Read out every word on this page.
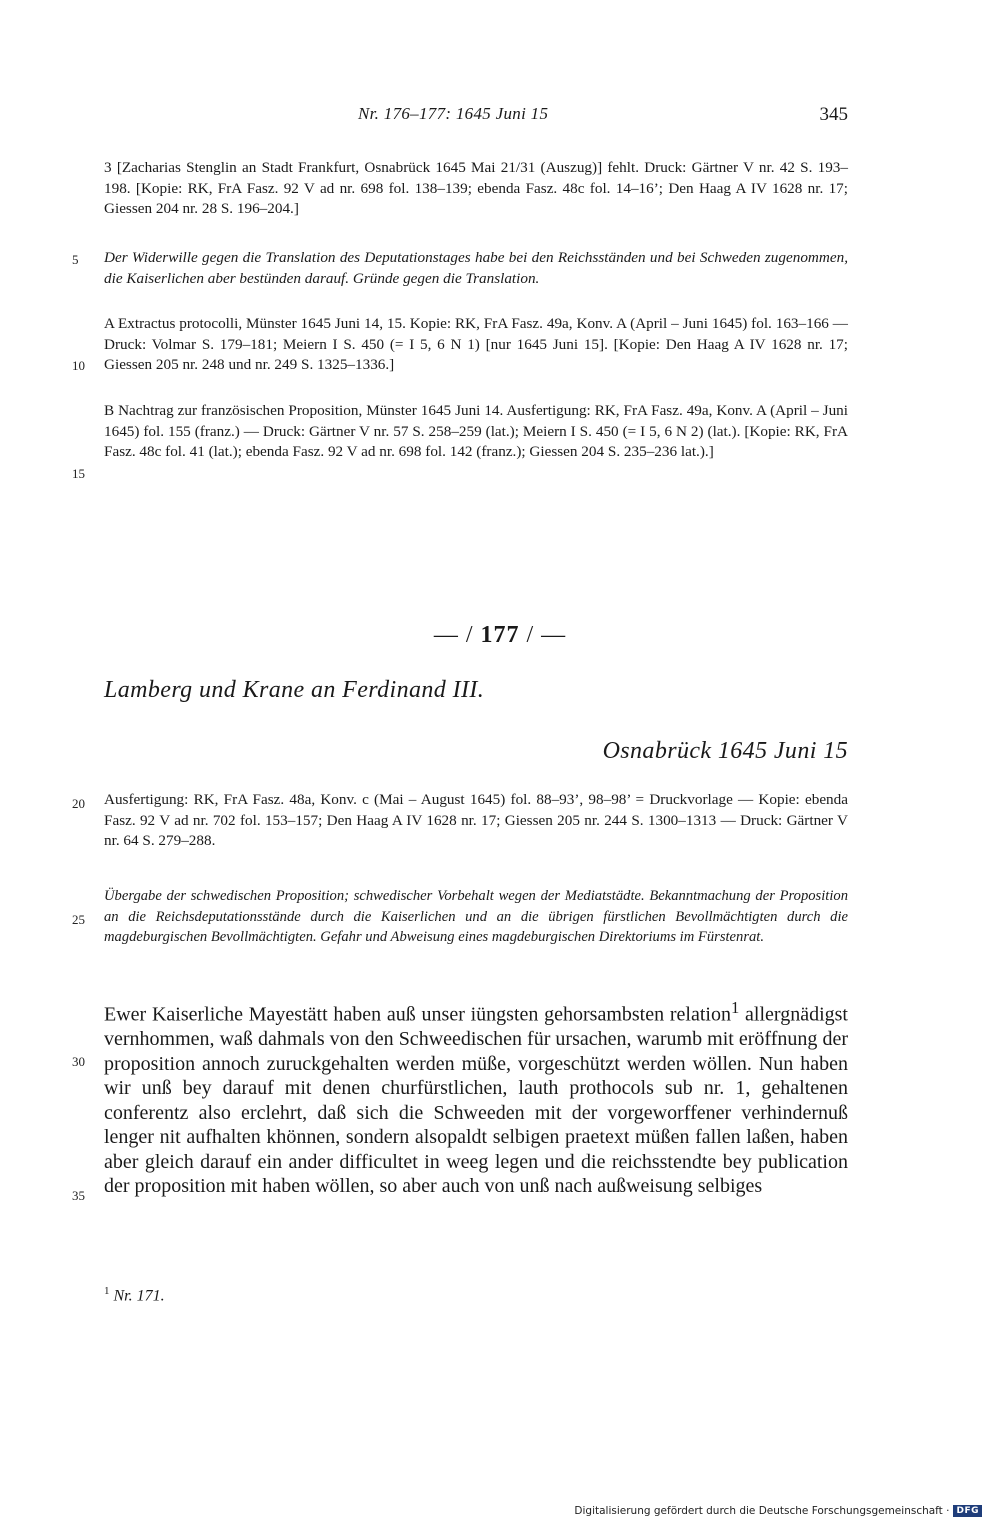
Nr. 176–177: 1645 Juni 15	345

3 [Zacharias Stenglin an Stadt Frankfurt, Osnabrück 1645 Mai 21/31 (Auszug)] fehlt. Druck: Gärtner V nr. 42 S. 193–198. [Kopie: RK, FrA Fasz. 92 V ad nr. 698 fol. 138–139; ebenda Fasz. 48c fol. 14–16’; Den Haag A IV 1628 nr. 17; Giessen 204 nr. 28 S. 196–204.]

Der Widerwille gegen die Translation des Deputationstages habe bei den Reichsständen und bei Schweden zugenommen, die Kaiserlichen aber bestünden darauf. Gründe gegen die Translation.

A Extractus protocolli, Münster 1645 Juni 14, 15. Kopie: RK, FrA Fasz. 49a, Konv. A (April – Juni 1645) fol. 163–166 — Druck: Volmar S. 179–181; Meiern I S. 450 (= I 5, 6 N 1) [nur 1645 Juni 15]. [Kopie: Den Haag A IV 1628 nr. 17; Giessen 205 nr. 248 und nr. 249 S. 1325–1336.]

B Nachtrag zur französischen Proposition, Münster 1645 Juni 14. Ausfertigung: RK, FrA Fasz. 49a, Konv. A (April – Juni 1645) fol. 155 (franz.) — Druck: Gärtner V nr. 57 S. 258–259 (lat.); Meiern I S. 450 (= I 5, 6 N 2) (lat.). [Kopie: RK, FrA Fasz. 48c fol. 41 (lat.); ebenda Fasz. 92 V ad nr. 698 fol. 142 (franz.); Giessen 204 S. 235–236 lat.).]

5
10
15
20
25
30
35
— / 177 / —
Lamberg und Krane an Ferdinand III.
Osnabrück 1645 Juni 15

Ausfertigung: RK, FrA Fasz. 48a, Konv. c (Mai – August 1645) fol. 88–93’, 98–98’ = Druckvorlage — Kopie: ebenda Fasz. 92 V ad nr. 702 fol. 153–157; Den Haag A IV 1628 nr. 17; Giessen 205 nr. 244 S. 1300–1313 — Druck: Gärtner V nr. 64 S. 279–288.

Übergabe der schwedischen Proposition; schwedischer Vorbehalt wegen der Mediatstädte. Bekanntmachung der Proposition an die Reichsdeputationsstände durch die Kaiserlichen und an die übrigen fürstlichen Bevollmächtigten durch die magdeburgischen Bevollmächtigten. Gefahr und Abweisung eines magdeburgischen Direktoriums im Fürstenrat.

Ewer Kaiserliche Mayestätt haben auß unser iüngsten gehorsambsten relation$^1$ allergnädigst vernhommen, waß dahmals von den Schweedischen für ursachen, warumb mit eröffnung der proposition annoch zuruckgehalten werden müße, vorgeschützt werden wöllen. Nun haben wir unß bey darauf mit denen churfürstlichen, lauth prothocols sub nr. 1, gehaltenen conferentz also erclehrt, daß sich die Schweeden mit der vorgeworffener verhindernuß lenger nit aufhalten khönnen, sondern alsopaldt selbigen praetext müßen fallen laßen, haben aber gleich darauf ein ander difficultet in weeg legen und die reichsstendte bey publication der proposition mit haben wöllen, so aber auch von unß nach außweisung selbiges

$^1$ Nr. 171.
Digitalisierung gefördert durch die Deutsche Forschungsgemeinschaft · DFG
